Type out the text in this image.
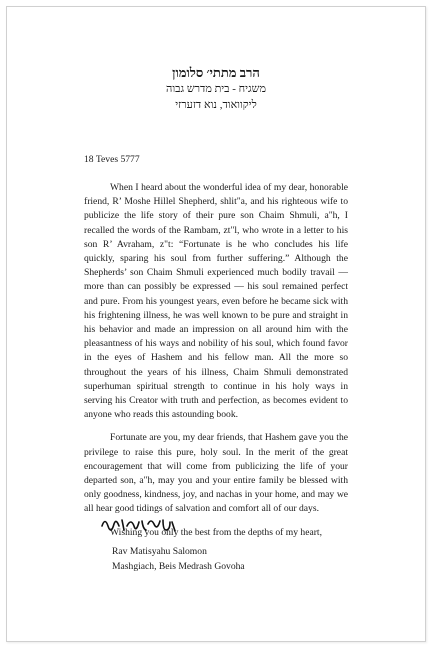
הרב מתתי׳ סלומון
משגיח - בית מדרש גבוה
ליקוואוד, נוא דזערזי
18 Teves 5777

When I heard about the wonderful idea of my dear, honorable friend, R’ Moshe Hillel Shepherd, shlit"a, and his righteous wife to publicize the life story of their pure son Chaim Shmuli, a"h, I recalled the words of the Rambam, zt"l, who wrote in a letter to his son R’ Avraham, z"t: “Fortunate is he who concludes his life quickly, sparing his soul from further suffering.” Although the Shepherds’ son Chaim Shmuli experienced much bodily travail — more than can possibly be expressed — his soul remained perfect and pure. From his youngest years, even before he became sick with his frightening illness, he was well known to be pure and straight in his behavior and made an impression on all around him with the pleasantness of his ways and nobility of his soul, which found favor in the eyes of Hashem and his fellow man. All the more so throughout the years of his illness, Chaim Shmuli demonstrated superhuman spiritual strength to continue in his holy ways in serving his Creator with truth and perfection, as becomes evident to anyone who reads this astounding book.

Fortunate are you, my dear friends, that Hashem gave you the privilege to raise this pure, holy soul. In the merit of the great encouragement that will come from publicizing the life of your departed son, a"h, may you and your entire family be blessed with only goodness, kindness, joy, and nachas in your home, and may we all hear good tidings of salvation and comfort all of our days.

Wishing you only the best from the depths of my heart,

Rav Matisyahu Salomon
Mashgiach, Beis Medrash Govoha
